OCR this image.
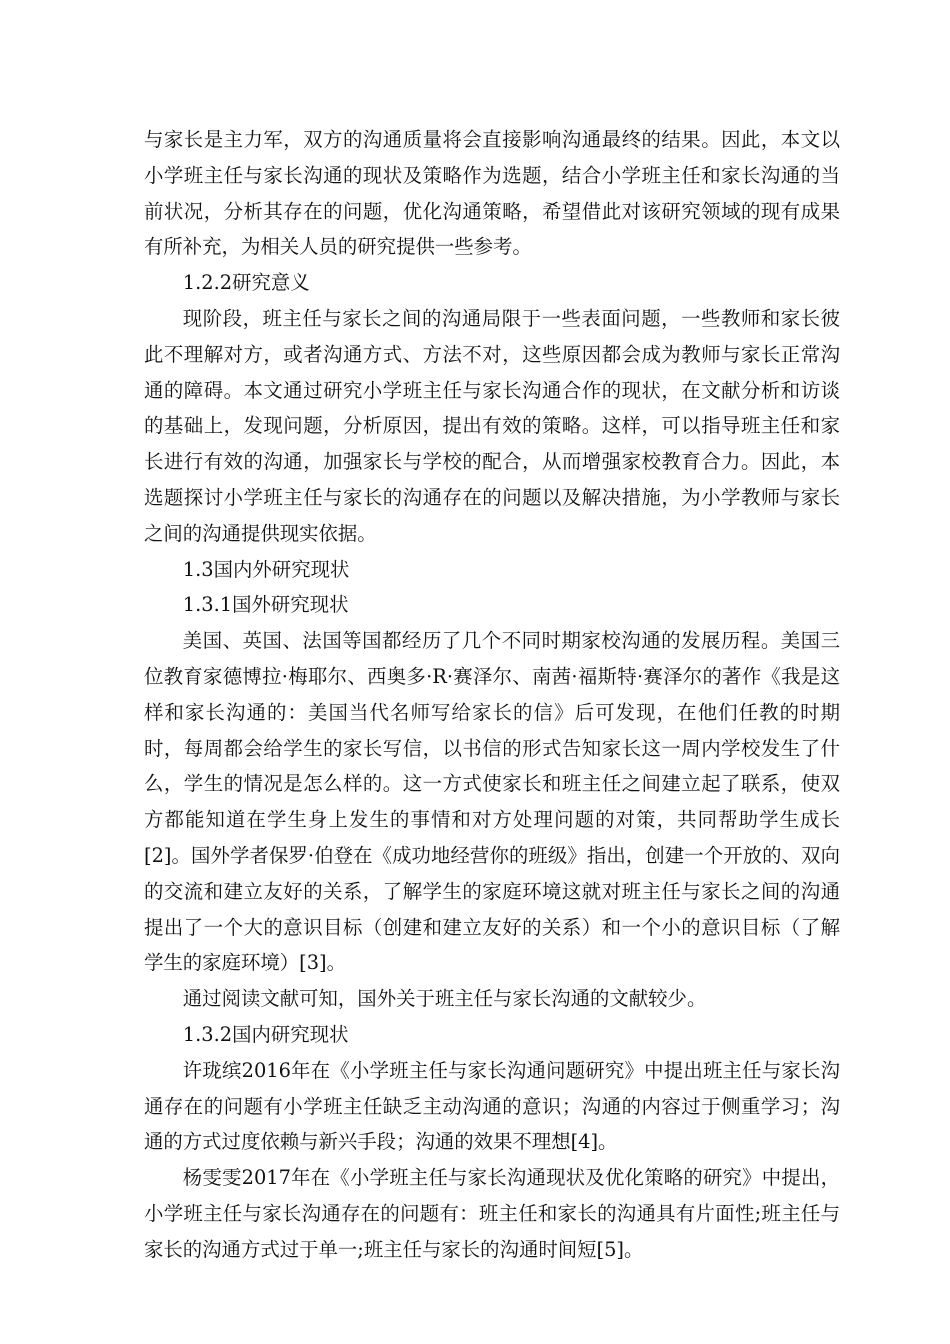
与家长是主力军，双方的沟通质量将会直接影响沟通最终的结果。因此，本文以小学班主任与家长沟通的现状及策略作为选题，结合小学班主任和家长沟通的当前状况，分析其存在的问题，优化沟通策略，希望借此对该研究领域的现有成果有所补充，为相关人员的研究提供一些参考。

1.2.2研究意义

现阶段，班主任与家长之间的沟通局限于一些表面问题，一些教师和家长彼此不理解对方，或者沟通方式、方法不对，这些原因都会成为教师与家长正常沟通的障碍。本文通过研究小学班主任与家长沟通合作的现状，在文献分析和访谈的基础上，发现问题，分析原因，提出有效的策略。这样，可以指导班主任和家长进行有效的沟通，加强家长与学校的配合，从而增强家校教育合力。因此，本选题探讨小学班主任与家长的沟通存在的问题以及解决措施，为小学教师与家长之间的沟通提供现实依据。

1.3国内外研究现状

1.3.1国外研究现状

美国、英国、法国等国都经历了几个不同时期家校沟通的发展历程。美国三位教育家德博拉·梅耶尔、西奥多·R·赛泽尔、南茜·福斯特·赛泽尔的著作《我是这样和家长沟通的：美国当代名师写给家长的信》后可发现，在他们任教的时期时，每周都会给学生的家长写信，以书信的形式告知家长这一周内学校发生了什么，学生的情况是怎么样的。这一方式使家长和班主任之间建立起了联系，使双方都能知道在学生身上发生的事情和对方处理问题的对策，共同帮助学生成长[2]。国外学者保罗·伯登在《成功地经营你的班级》指出，创建一个开放的、双向的交流和建立友好的关系，了解学生的家庭环境这就对班主任与家长之间的沟通提出了一个大的意识目标（创建和建立友好的关系）和一个小的意识目标（了解学生的家庭环境）[3]。

通过阅读文献可知，国外关于班主任与家长沟通的文献较少。

1.3.2国内研究现状

许珑缤2016年在《小学班主任与家长沟通问题研究》中提出班主任与家长沟通存在的问题有小学班主任缺乏主动沟通的意识；沟通的内容过于侧重学习；沟通的方式过度依赖与新兴手段；沟通的效果不理想[4]。

杨雯雯2017年在《小学班主任与家长沟通现状及优化策略的研究》中提出，小学班主任与家长沟通存在的问题有：班主任和家长的沟通具有片面性;班主任与家长的沟通方式过于单一;班主任与家长的沟通时间短[5]。
